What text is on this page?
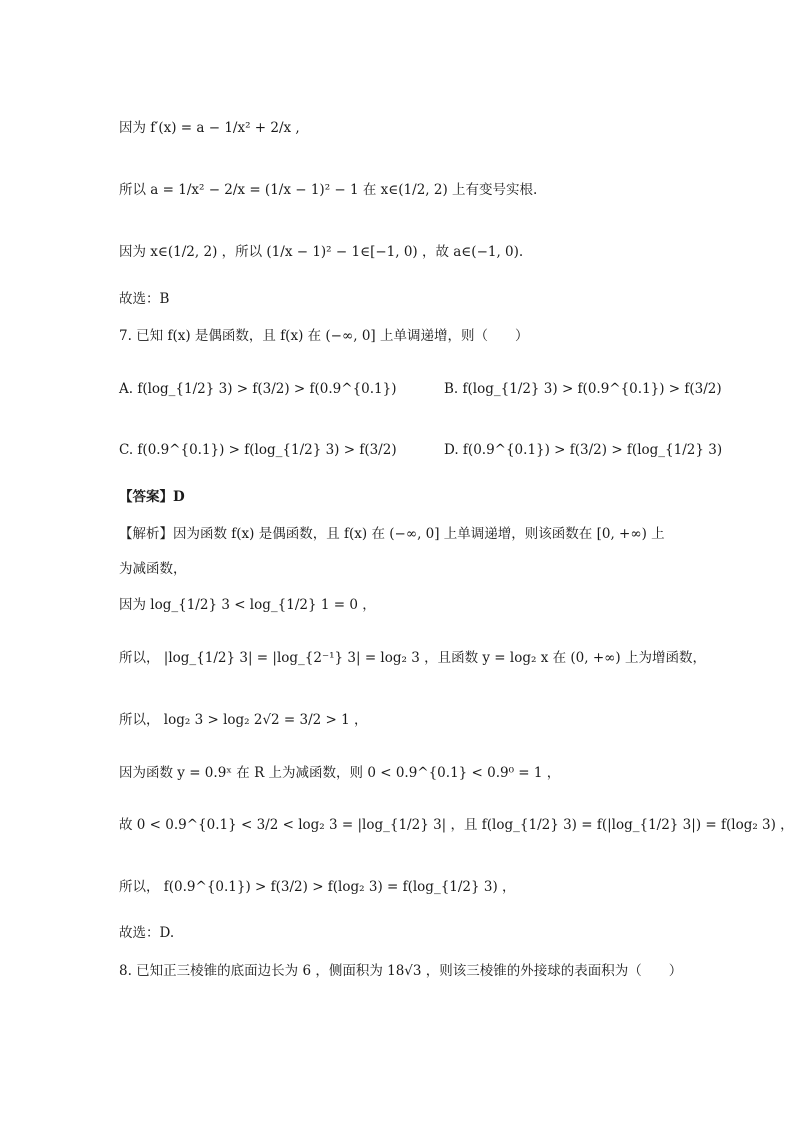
因为 f′(x) = a − 1/x² + 2/x ,
所以 a = 1/x² − 2/x = (1/x − 1)² − 1 在 x∈(1/2, 2) 上有变号实根.
因为 x∈(1/2, 2) ，所以 (1/x − 1)² − 1∈[−1, 0) ，故 a∈(−1, 0).
故选：B
7. 已知 f(x) 是偶函数，且 f(x) 在 (−∞, 0] 上单调递增，则（　　）
A. f(log_{1/2} 3) > f(3/2) > f(0.9^{0.1})	B. f(log_{1/2} 3) > f(0.9^{0.1}) > f(3/2)
C. f(0.9^{0.1}) > f(log_{1/2} 3) > f(3/2)	D. f(0.9^{0.1}) > f(3/2) > f(log_{1/2} 3)
【答案】D
【解析】因为函数 f(x) 是偶函数，且 f(x) 在 (−∞, 0] 上单调递增，则该函数在 [0, +∞) 上
为减函数，
因为 log_{1/2} 3 < log_{1/2} 1 = 0 ，
所以， |log_{1/2} 3| = |log_{2⁻¹} 3| = log₂ 3 ，且函数 y = log₂ x 在 (0, +∞) 上为增函数，
所以， log₂ 3 > log₂ 2√2 = 3/2 > 1 ，
因为函数 y = 0.9ˣ 在 R 上为减函数，则 0 < 0.9^{0.1} < 0.9⁰ = 1 ，
故 0 < 0.9^{0.1} < 3/2 < log₂ 3 = |log_{1/2} 3| ，且 f(log_{1/2} 3) = f(|log_{1/2} 3|) = f(log₂ 3) ，
所以， f(0.9^{0.1}) > f(3/2) > f(log₂ 3) = f(log_{1/2} 3) ，
故选：D.
8. 已知正三棱锥的底面边长为 6 ，侧面积为 18√3 ，则该三棱锥的外接球的表面积为（　　）
